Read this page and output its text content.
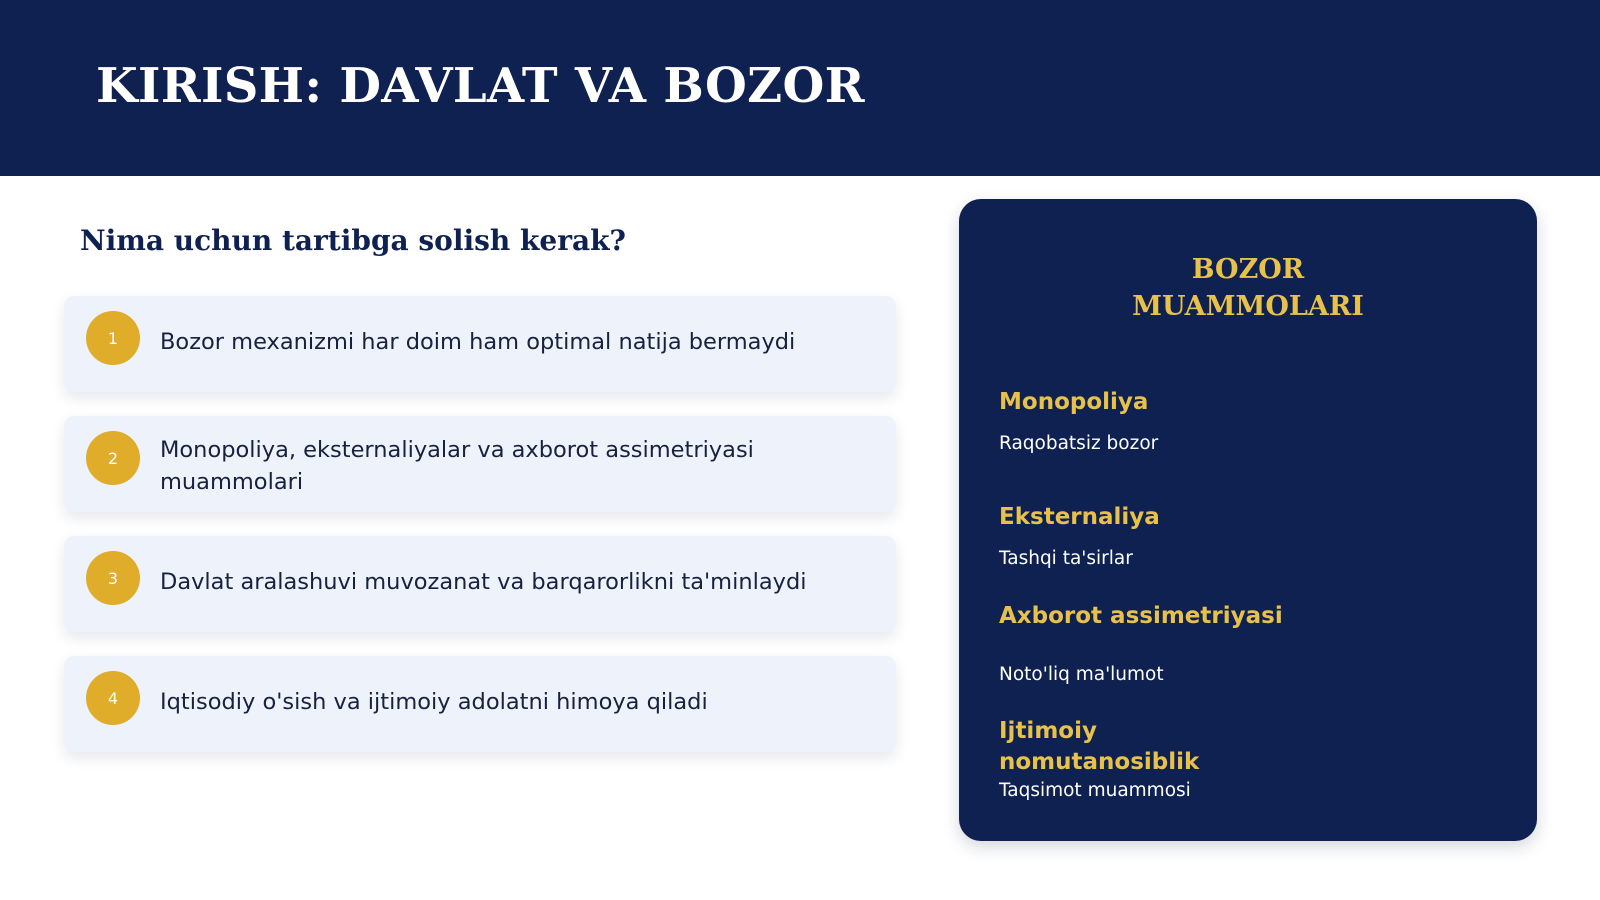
KIRISH: DAVLAT VA BOZOR
Nima uchun tartibga solish kerak?
1	Bozor mexanizmi har doim ham optimal natija bermaydi
2	Monopoliya, eksternaliyalar va axborot assimetriyasi muammolari
3	Davlat aralashuvi muvozanat va barqarorlikni ta'minlaydi
4	Iqtisodiy o'sish va ijtimoiy adolatni himoya qiladi
BOZOR
MUAMMOLARI
Monopoliya
Raqobatsiz bozor
Eksternaliya
Tashqi ta'sirlar
Axborot assimetriyasi
Noto'liq ma'lumot
Ijtimoiy nomutanosiblik
Taqsimot muammosi
